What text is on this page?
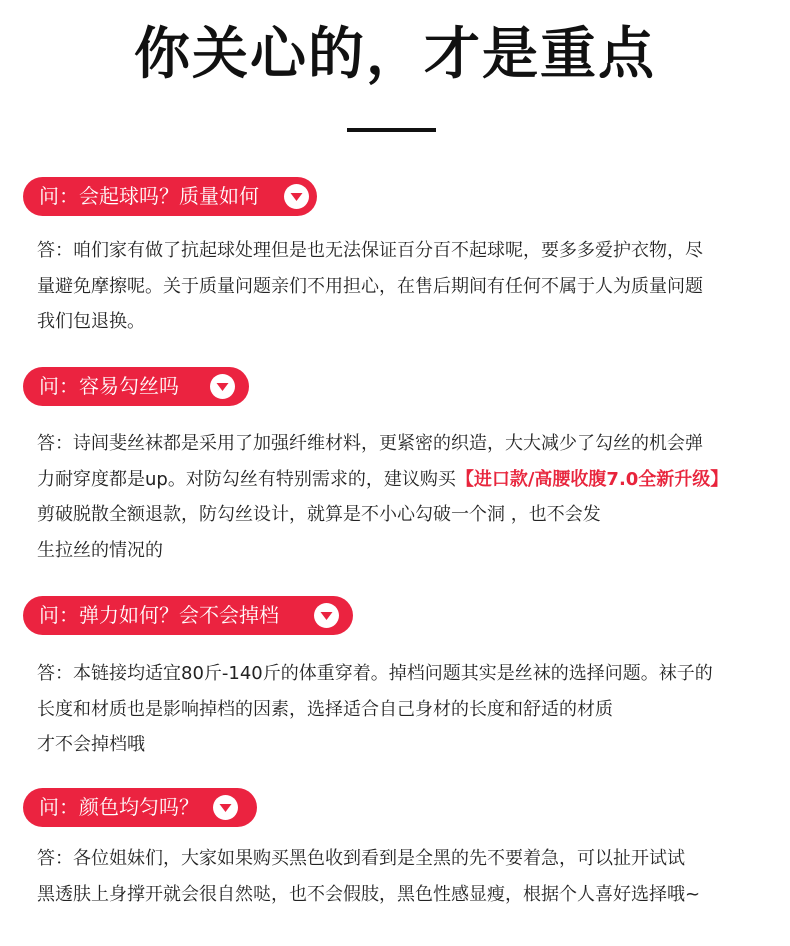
你关心的，才是重点
问：会起球吗？质量如何
答：咱们家有做了抗起球处理但是也无法保证百分百不起球呢，要多多爱护衣物，尽
量避免摩擦呢。关于质量问题亲们不用担心，在售后期间有任何不属于人为质量问题
我们包退换。
问：容易勾丝吗
答：诗闾斐丝袜都是采用了加强纤维材料，更紧密的织造，大大减少了勾丝的机会弹
力耐穿度都是up。对防勾丝有特别需求的，建议购买【进口款/高腰收腹7.0全新升级】
剪破脱散全额退款，防勾丝设计，就算是不小心勾破一个洞 ，也不会发
生拉丝的情况的
问：弹力如何？会不会掉档
答：本链接均适宜80斤-140斤的体重穿着。掉档问题其实是丝袜的选择问题。袜子的
长度和材质也是影响掉档的因素，选择适合自己身材的长度和舒适的材质
才不会掉档哦
问：颜色均匀吗？
答：各位姐妹们，大家如果购买黑色收到看到是全黑的先不要着急，可以扯开试试
黑透肤上身撑开就会很自然哒，也不会假肢，黑色性感显瘦，根据个人喜好选择哦~
